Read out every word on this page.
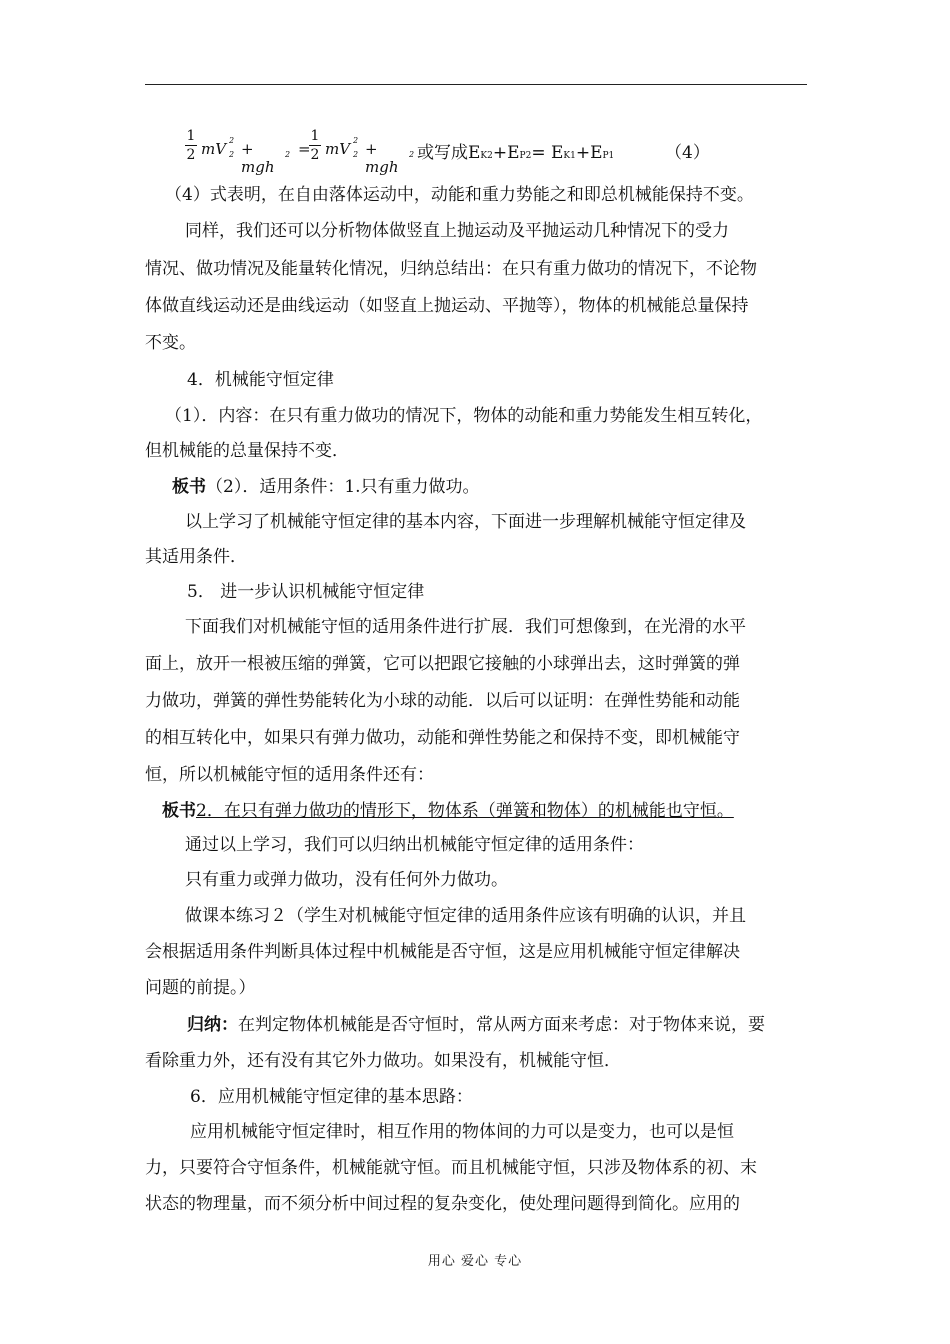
1
2 mV 2
2 + mgh
2 =
1
2 mV 2
2 + mgh
2 或写成EK2+EP2= EK1+EP1	（4）
（4）式表明，在自由落体运动中，动能和重力势能之和即总机械能保持不变。
同样，我们还可以分析物体做竖直上抛运动及平抛运动几种情况下的受力
情况、做功情况及能量转化情况，归纳总结出：在只有重力做功的情况下，不论物
体做直线运动还是曲线运动（如竖直上抛运动、平抛等），物体的机械能总量保持
不变。
4．机械能守恒定律
（1）．内容：在只有重力做功的情况下，物体的动能和重力势能发生相互转化，
但机械能的总量保持不变．
板书（2）．适用条件：1.只有重力做功。
以上学习了机械能守恒定律的基本内容，下面进一步理解机械能守恒定律及
其适用条件．
5． 进一步认识机械能守恒定律
下面我们对机械能守恒的适用条件进行扩展．我们可想像到，在光滑的水平
面上，放开一根被压缩的弹簧，它可以把跟它接触的小球弹出去，这时弹簧的弹
力做功，弹簧的弹性势能转化为小球的动能．以后可以证明：在弹性势能和动能
的相互转化中，如果只有弹力做功，动能和弹性势能之和保持不变，即机械能守
恒，所以机械能守恒的适用条件还有：
板书2．在只有弹力做功的情形下，物体系（弹簧和物体）的机械能也守恒。
通过以上学习，我们可以归纳出机械能守恒定律的适用条件：
只有重力或弹力做功，没有任何外力做功。
做课本练习２（学生对机械能守恒定律的适用条件应该有明确的认识，并且
会根据适用条件判断具体过程中机械能是否守恒，这是应用机械能守恒定律解决
问题的前提。）
归纳：在判定物体机械能是否守恒时，常从两方面来考虑：对于物体来说，要
看除重力外，还有没有其它外力做功。如果没有，机械能守恒．
6．应用机械能守恒定律的基本思路：
应用机械能守恒定律时，相互作用的物体间的力可以是变力，也可以是恒
力，只要符合守恒条件，机械能就守恒。而且机械能守恒，只涉及物体系的初、末
状态的物理量，而不须分析中间过程的复杂变化，使处理问题得到简化。应用的
用心 爱心 专心
